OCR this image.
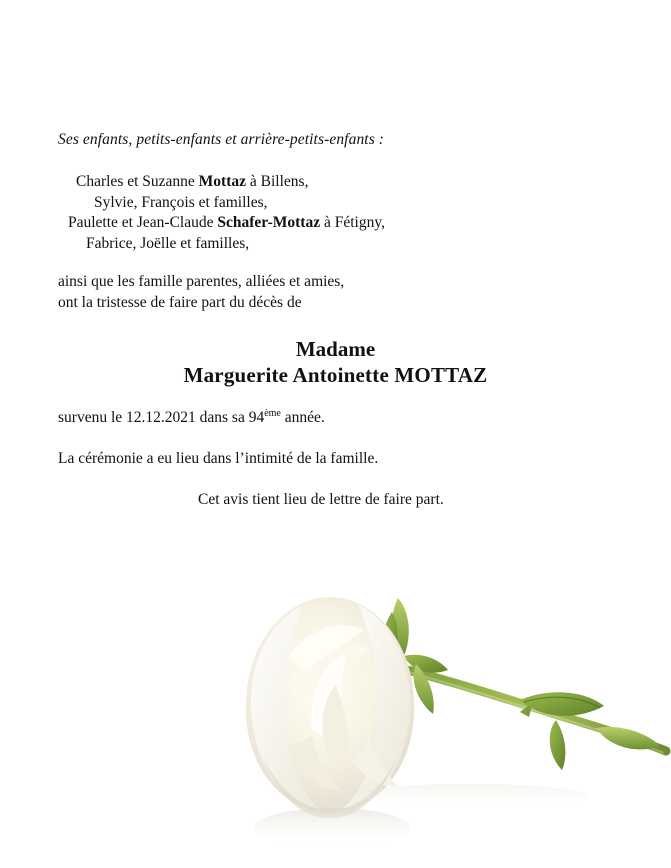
Ses enfants, petits-enfants et arrière-petits-enfants :
Charles et Suzanne Mottaz à Billens,
Sylvie, François et familles,
Paulette et Jean-Claude Schafer-Mottaz à Fétigny,
Fabrice, Joëlle et familles,
ainsi que les famille parentes, alliées et amies,
ont la tristesse de faire part du décès de
Madame
Marguerite Antoinette MOTTAZ
survenu le 12.12.2021 dans sa 94ème année.
La cérémonie a eu lieu dans l’intimité de la famille.
Cet avis tient lieu de lettre de faire part.
